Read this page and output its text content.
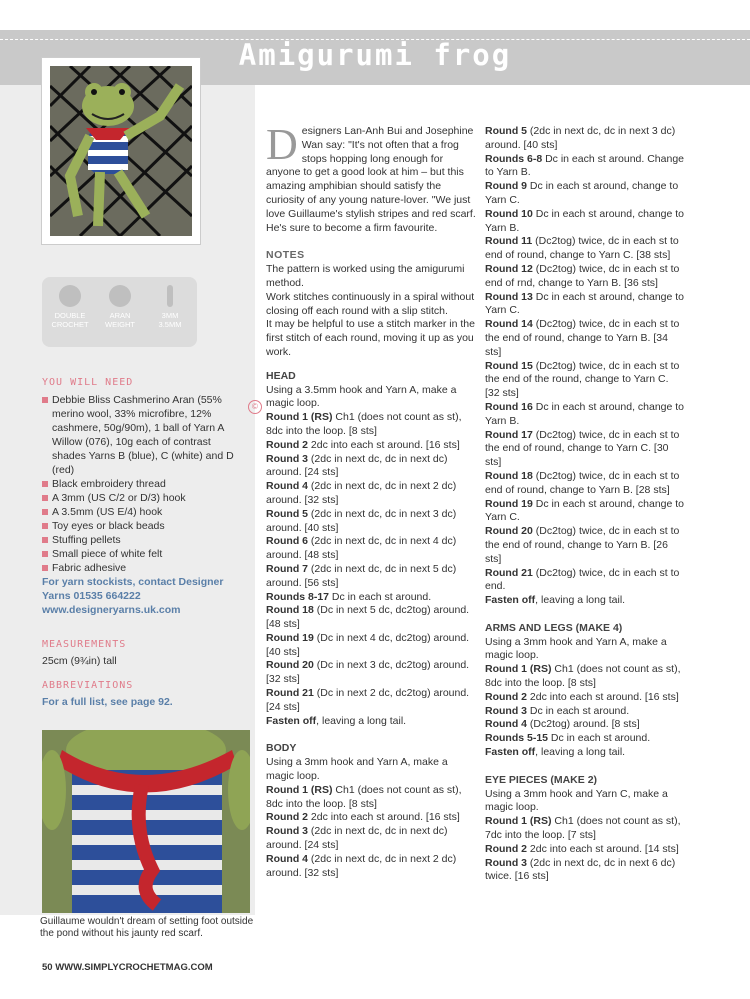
Amigurumi frog
DOUBLE
CROCHET
ARAN
WEIGHT
3MM
3.5MM

YOU WILL NEED

Debbie Bliss Cashmerino Aran (55% merino wool, 33% microfibre, 12% cashmere, 50g/90m), 1 ball of Yarn A Willow (076), 10g each of contrast shades Yarns B (blue), C (white) and D (red)
Black embroidery thread
A 3mm (US C/2 or D/3) hook
A 3.5mm (US E/4) hook
Toy eyes or black beads
Stuffing pellets
Small piece of white felt
Fabric adhesive

For yarn stockists, contact Designer Yarns 01535 664222 www.designeryarns.uk.com

MEASUREMENTS

25cm (9¾in) tall

ABBREVIATIONS

For a full list, see page 92.

Guillaume wouldn't dream of setting foot outside the pond without his jaunty red scarf.
©

Designers Lan-Anh Bui and Josephine Wan say: "It's not often that a frog stops hopping long enough for anyone to get a good look at him – but this amazing amphibian should satisfy the curiosity of any young nature-lover. "We just love Guillaume's stylish stripes and red scarf. He's sure to become a firm favourite.

NOTES

The pattern is worked using the amigurumi method.

Work stitches continuously in a spiral without closing off each round with a slip stitch.

It may be helpful to use a stitch marker in the first stitch of each round, moving it up as you work.

HEAD

Using a 3.5mm hook and Yarn A, make a magic loop.

Round 1 (RS) Ch1 (does not count as st), 8dc into the loop. [8 sts]

Round 2 2dc into each st around. [16 sts]

Round 3 (2dc in next dc, dc in next dc) around. [24 sts]

Round 4 (2dc in next dc, dc in next 2 dc) around. [32 sts]

Round 5 (2dc in next dc, dc in next 3 dc) around. [40 sts]

Round 6 (2dc in next dc, dc in next 4 dc) around. [48 sts]

Round 7 (2dc in next dc, dc in next 5 dc) around. [56 sts]

Rounds 8-17 Dc in each st around.

Round 18 (Dc in next 5 dc, dc2tog) around. [48 sts]

Round 19 (Dc in next 4 dc, dc2tog) around. [40 sts]

Round 20 (Dc in next 3 dc, dc2tog) around. [32 sts]

Round 21 (Dc in next 2 dc, dc2tog) around. [24 sts]

Fasten off, leaving a long tail.

BODY

Using a 3mm hook and Yarn A, make a magic loop.

Round 1 (RS) Ch1 (does not count as st), 8dc into the loop. [8 sts]

Round 2 2dc into each st around. [16 sts]

Round 3 (2dc in next dc, dc in next dc) around. [24 sts]

Round 4 (2dc in next dc, dc in next 2 dc) around. [32 sts]

Round 5 (2dc in next dc, dc in next 3 dc) around. [40 sts]

Rounds 6-8 Dc in each st around. Change to Yarn B.

Round 9 Dc in each st around, change to Yarn C.

Round 10 Dc in each st around, change to Yarn B.

Round 11 (Dc2tog) twice, dc in each st to end of round, change to Yarn C. [38 sts]

Round 12 (Dc2tog) twice, dc in each st to end of rnd, change to Yarn B. [36 sts]

Round 13 Dc in each st around, change to Yarn C.

Round 14 (Dc2tog) twice, dc in each st to the end of round, change to Yarn B. [34 sts]

Round 15 (Dc2tog) twice, dc in each st to the end of the round, change to Yarn C. [32 sts]

Round 16 Dc in each st around, change to Yarn B.

Round 17 (Dc2tog) twice, dc in each st to the end of round, change to Yarn C. [30 sts]

Round 18 (Dc2tog) twice, dc in each st to end of round, change to Yarn B. [28 sts]

Round 19 Dc in each st around, change to Yarn C.

Round 20 (Dc2tog) twice, dc in each st to the end of round, change to Yarn B. [26 sts]

Round 21 (Dc2tog) twice, dc in each st to end.

Fasten off, leaving a long tail.

ARMS AND LEGS (MAKE 4)

Using a 3mm hook and Yarn A, make a magic loop.

Round 1 (RS) Ch1 (does not count as st), 8dc into the loop. [8 sts]

Round 2 2dc into each st around. [16 sts]

Round 3 Dc in each st around.

Round 4 (Dc2tog) around. [8 sts]

Rounds 5-15 Dc in each st around.

Fasten off, leaving a long tail.

EYE PIECES (MAKE 2)

Using a 3mm hook and Yarn C, make a magic loop.

Round 1 (RS) Ch1 (does not count as st), 7dc into the loop. [7 sts]

Round 2 2dc into each st around. [14 sts]

Round 3 (2dc in next dc, dc in next 6 dc) twice. [16 sts]

50 WWW.SIMPLYCROCHETMAG.COM
